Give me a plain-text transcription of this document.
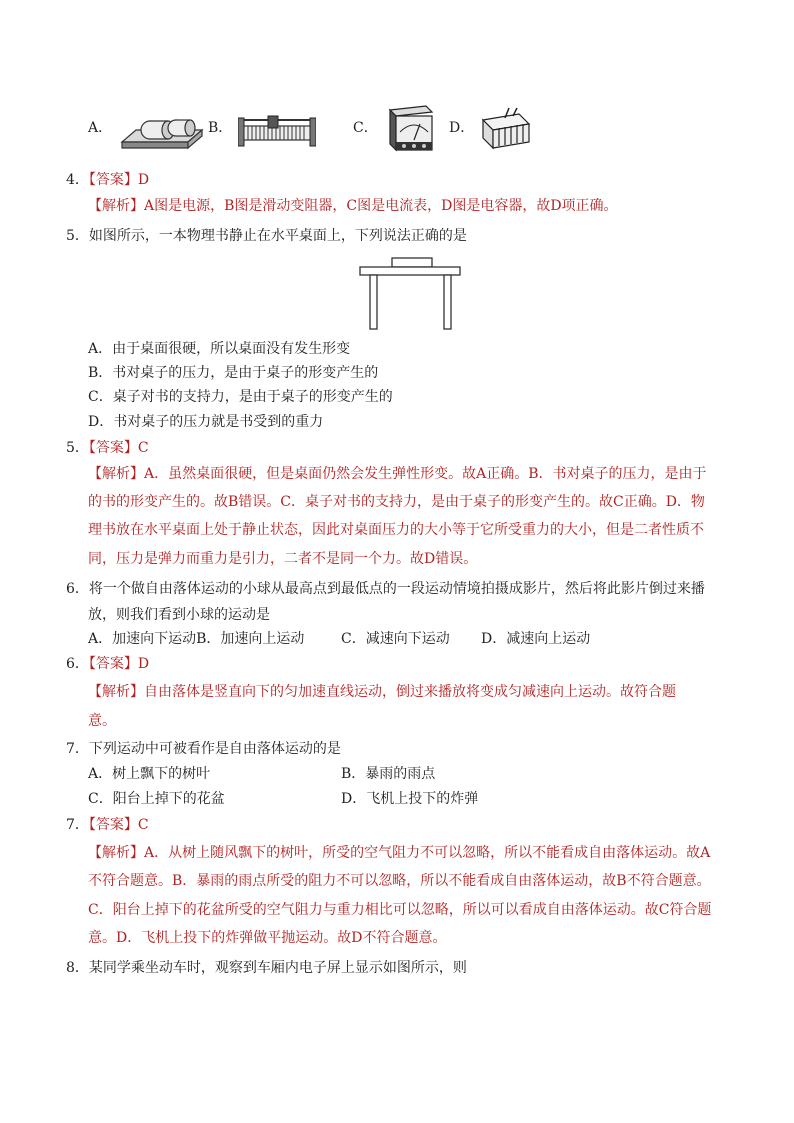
A．	B．	C．	D．
4．【答案】D
【解析】A图是电源，B图是滑动变阻器，C图是电流表，D图是电容器，故D项正确。
5．如图所示，一本物理书静止在水平桌面上，下列说法正确的是
A．由于桌面很硬，所以桌面没有发生形变
B．书对桌子的压力，是由于桌子的形变产生的
C．桌子对书的支持力，是由于桌子的形变产生的
D．书对桌子的压力就是书受到的重力
5．【答案】C
【解析】A．虽然桌面很硬，但是桌面仍然会发生弹性形变。故A正确。B．书对桌子的压力，是由于
的书的形变产生的。故B错误。C．桌子对书的支持力，是由于桌子的形变产生的。故C正确。D．物
理书放在水平桌面上处于静止状态，因此对桌面压力的大小等于它所受重力的大小，但是二者性质不
同，压力是弹力而重力是引力，二者不是同一个力。故D错误。
6．将一个做自由落体运动的小球从最高点到最低点的一段运动情境拍摄成影片，然后将此影片倒过来播
放，则我们看到小球的运动是
A．加速向下运动B．加速向上运动	C．减速向下运动 D．减速向上运动
6．【答案】D
【解析】自由落体是竖直向下的匀加速直线运动，倒过来播放将变成匀减速向上运动。故符合题
意。
7．下列运动中可被看作是自由落体运动的是
A．树上飘下的树叶	B．暴雨的雨点
C．阳台上掉下的花盆	D．飞机上投下的炸弹
7．【答案】C
【解析】A．从树上随风飘下的树叶，所受的空气阻力不可以忽略，所以不能看成自由落体运动。故A
不符合题意。B．暴雨的雨点所受的阻力不可以忽略，所以不能看成自由落体运动，故B不符合题意。
C．阳台上掉下的花盆所受的空气阻力与重力相比可以忽略，所以可以看成自由落体运动。故C符合题
意。D．飞机上投下的炸弹做平抛运动。故D不符合题意。
8．某同学乘坐动车时，观察到车厢内电子屏上显示如图所示，则
